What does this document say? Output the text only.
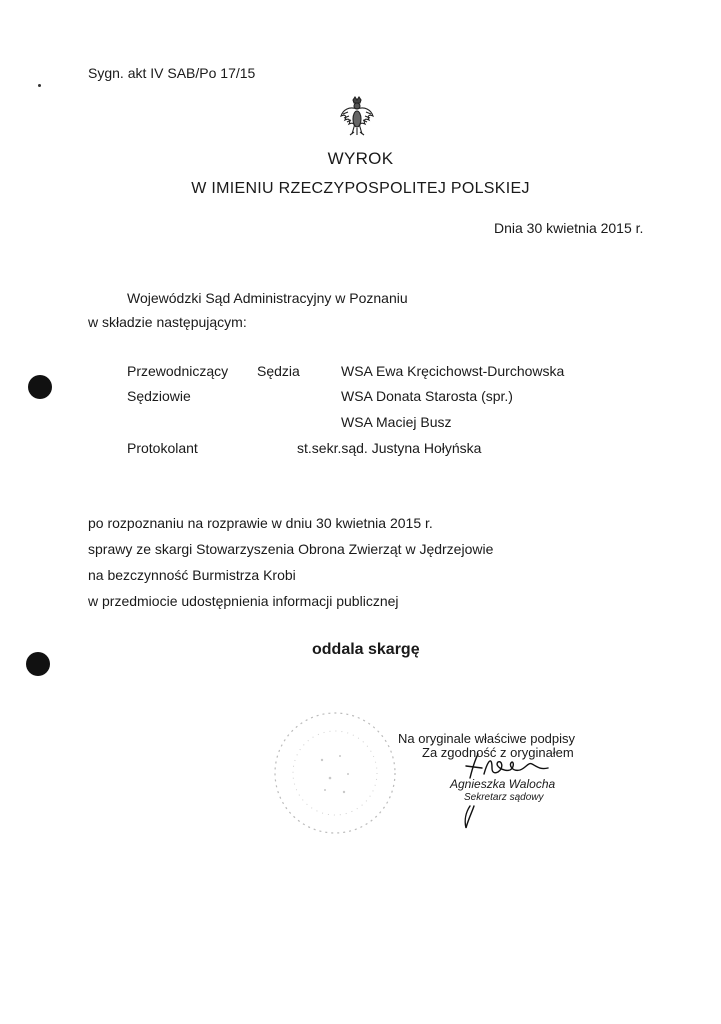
Sygn. akt IV SAB/Po 17/15
WYROK
W IMIENIU RZECZYPOSPOLITEJ POLSKIEJ
Dnia 30 kwietnia 2015 r.
Wojewódzki Sąd Administracyjny w Poznaniu
w składzie następującym:
Przewodniczący Sędzia	WSA Ewa Kręcichowst-Durchowska
Sędziowie	WSA Donata Starosta (spr.)
WSA Maciej Busz
Protokolant	st.sekr.sąd. Justyna Hołyńska
po rozpoznaniu na rozprawie w dniu 30 kwietnia 2015 r.
sprawy ze skargi Stowarzyszenia Obrona Zwierząt w Jędrzejowie
na bezczynność Burmistrza Krobi
w przedmiocie udostępnienia informacji publicznej
oddala skargę
Na oryginale właściwe podpisy
Za zgodność z oryginałem
Agnieszka Walocha
Sekretarz sądowy
